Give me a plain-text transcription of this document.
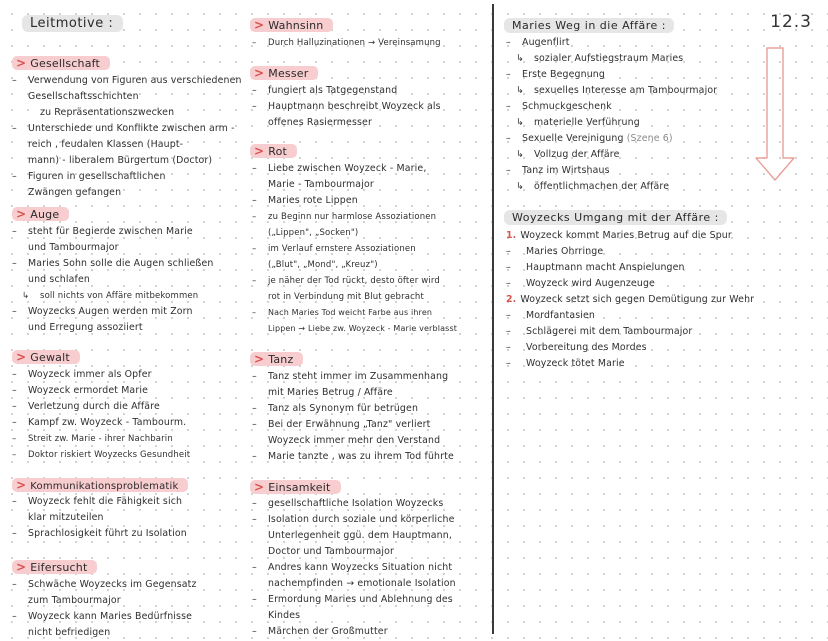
12.3
Leitmotive :
> Gesellschaft
– Verwendung von Figuren aus verschiedenen Gesellschaftsschichten
zu Repräsentationszwecken
– Unterschiede und Konflikte zwischen arm - reich , feudalen Klassen (Haupt-
mann) - liberalem Bürgertum (Doctor)
– Figuren in gesellschaftlichen
Zwängen gefangen
> Auge
– steht für Begierde zwischen Marie
und Tambourmajor
– Maries Sohn solle die Augen schließen
und schlafen
↳ soll nichts von Affäre mitbekommen
– Woyzecks Augen werden mit Zorn
und Erregung assoziiert
> Gewalt
– Woyzeck immer als Opfer
– Woyzeck ermordet Marie
– Verletzung durch die Affäre
– Kampf zw. Woyzeck - Tambourm.
– Streit zw. Marie - ihrer Nachbarin
– Doktor riskiert Woyzecks Gesundheit
> Kommunikationsproblematik
– Woyzeck fehlt die Fähigkeit sich
klar mitzuteilen
– Sprachlosigkeit führt zu Isolation
> Eifersucht
– Schwäche Woyzecks im Gegensatz
zum Tambourmajor
– Woyzeck kann Maries Bedürfnisse
nicht befriedigen
> Wahnsinn
– Durch Halluzinationen → Vereinsamung
> Messer
– fungiert als Tatgegenstand
– Hauptmann beschreibt Woyzeck als
offenes Rasiermesser
> Rot
– Liebe zwischen Woyzeck - Marie,
Marie - Tambourmajor
– Maries rote Lippen
– zu Beginn nur harmlose Assoziationen
(„Lippen", „Socken")
– im Verlauf ernstere Assoziationen
(„Blut", „Mond", „Kreuz")
– je näher der Tod rückt, desto öfter wird
rot in Verbindung mit Blut gebracht
– Nach Maries Tod weicht Farbe aus ihren
Lippen → Liebe zw. Woyzeck - Marie verblasst
> Tanz
– Tanz steht immer im Zusammenhang
mit Maries Betrug / Affäre
– Tanz als Synonym für betrügen
– Bei der Erwähnung „Tanz" verliert
Woyzeck immer mehr den Verstand
– Marie tanzte , was zu ihrem Tod führte
> Einsamkeit
– gesellschaftliche Isolation Woyzecks
– Isolation durch soziale und körperliche
Unterlegenheit ggü. dem Hauptmann,
Doctor und Tambourmajor
– Andres kann Woyzecks Situation nicht
nachempfinden → emotionale Isolation
– Ermordung Maries und Ablehnung des
Kindes
– Märchen der Großmutter
Maries Weg in die Affäre :
– Augenflirt
↳ sozialer Aufstiegstraum Maries
– Erste Begegnung
↳ sexuelles Interesse am Tambourmajor
– Schmuckgeschenk
↳ materielle Verführung
– Sexuelle Vereinigung (Szene 6)
↳ Vollzug der Affäre
– Tanz im Wirtshaus
↳ öffentlichmachen der Affäre
Woyzecks Umgang mit der Affäre :
1. Woyzeck kommt Maries Betrug auf die Spur
– Maries Ohrringe
– Hauptmann macht Anspielungen
– Woyzeck wird Augenzeuge
2. Woyzeck setzt sich gegen Demütigung zur Wehr
– Mordfantasien
– Schlägerei mit dem Tambourmajor
– Vorbereitung des Mordes
– Woyzeck tötet Marie
